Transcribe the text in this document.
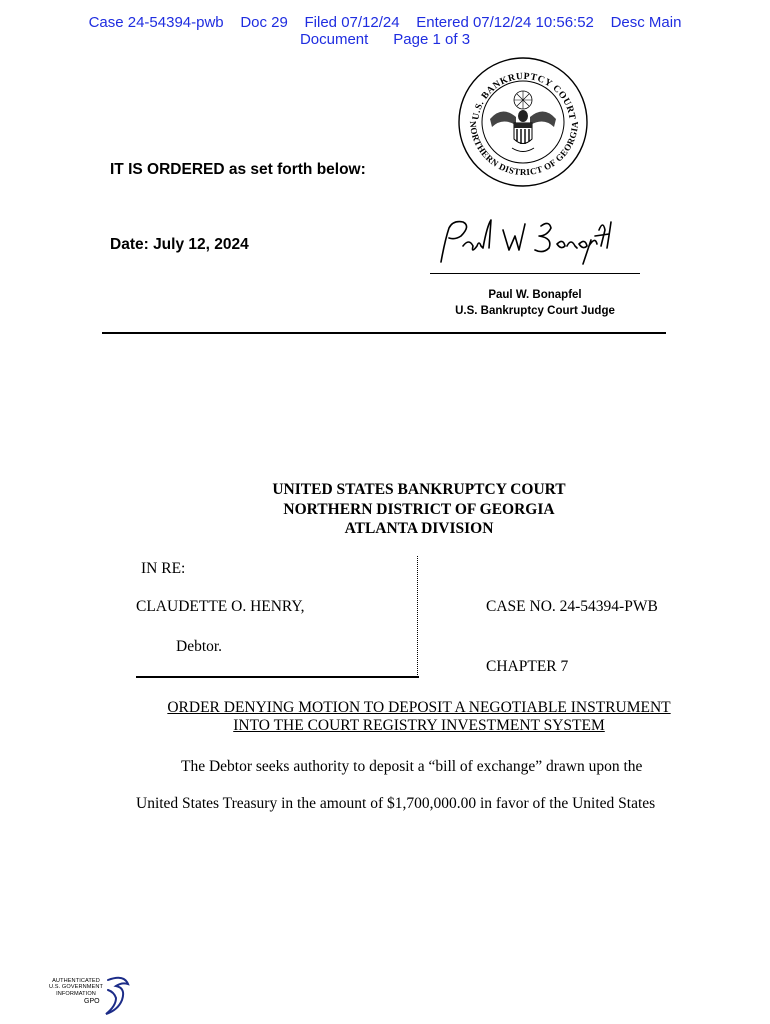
Case 24-54394-pwb    Doc 29    Filed 07/12/24    Entered 07/12/24 10:56:52    Desc Main
Document      Page 1 of 3
U.S. BANKRUPTCY COURT
NORTHERN DISTRICT OF GEORGIA
IT IS ORDERED as set forth below:
Date: July 12, 2024
Paul W. Bonapfel
U.S. Bankruptcy Court Judge
UNITED STATES BANKRUPTCY COURT
NORTHERN DISTRICT OF GEORGIA
ATLANTA DIVISION
IN RE:
CLAUDETTE O. HENRY,
Debtor.
CASE NO. 24-54394-PWB
CHAPTER 7
ORDER DENYING MOTION TO DEPOSIT A NEGOTIABLE INSTRUMENT
INTO THE COURT REGISTRY INVESTMENT SYSTEM
The Debtor seeks authority to deposit a “bill of exchange” drawn upon the
United States Treasury in the amount of $1,700,000.00 in favor of the United States
AUTHENTICATED
U.S. GOVERNMENT
INFORMATION
GPO
